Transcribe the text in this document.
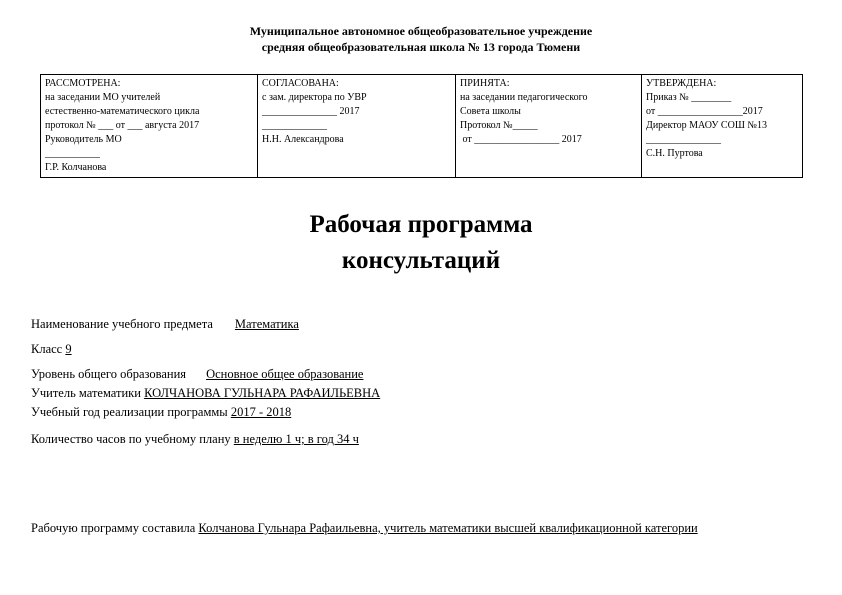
Муниципальное автономное общеобразовательное учреждение
средняя общеобразовательная школа № 13 города Тюмени
РАССМОТРЕНА:
на заседании МО учителей
естественно-математического цикла
протокол № ___ от ___ августа 2017
Руководитель МО
___________
Г.Р. Колчанова

СОГЛАСОВАНА:
с зам. директора по УВР
_______________ 2017
_____________
Н.Н. Александрова

ПРИНЯТА:
на заседании педагогического
Совета школы
Протокол №_____
от _________________ 2017

УТВЕРЖДЕНА:
Приказ № ________
от _________________2017
Директор МАОУ СОШ №13
_______________
С.Н. Пуртова
Рабочая программа
консультаций
Наименование учебного предмета Математика
Класс 9
Уровень общего образования Основное общее образование
Учитель математики КОЛЧАНОВА ГУЛЬНАРА РАФАИЛЬЕВНА
Учебный год реализации программы 2017 - 2018
Количество часов по учебному плану в неделю 1 ч; в год 34 ч
Рабочую программу составила Колчанова Гульнара Рафаильевна, учитель математики высшей квалификационной категории
